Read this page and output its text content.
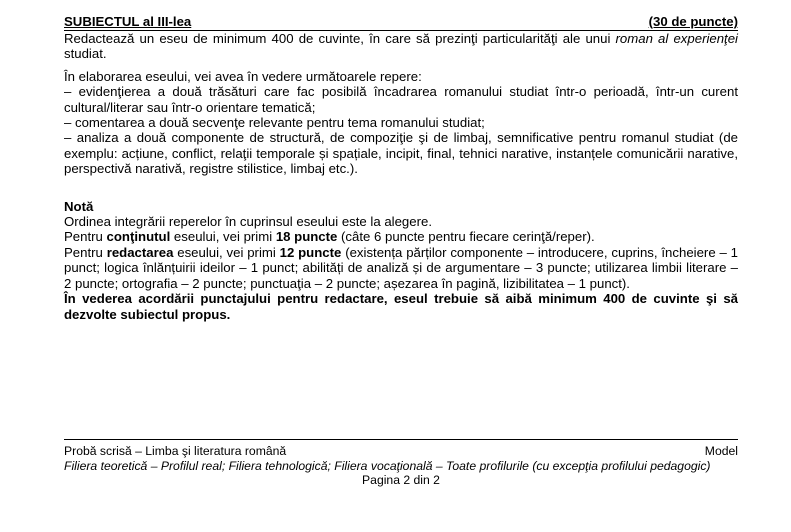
SUBIECTUL al III-lea	(30 de puncte)

Redactează un eseu de minimum 400 de cuvinte, în care să prezinţi particularităţi ale unui roman al experienţei studiat.

În elaborarea eseului, vei avea în vedere următoarele repere:

– evidenţierea a două trăsături care fac posibilă încadrarea romanului studiat într-o perioadă, într-un curent cultural/literar sau într-o orientare tematică;

– comentarea a două secvenţe relevante pentru tema romanului studiat;

– analiza a două componente de structură, de compoziţie şi de limbaj, semnificative pentru romanul studiat (de exemplu: acțiune, conflict, relaţii temporale și spațiale, incipit, final, tehnici narative, instanțele comunicării narative, perspectivă narativă, registre stilistice, limbaj etc.).

Notă

Ordinea integrării reperelor în cuprinsul eseului este la alegere.

Pentru conţinutul eseului, vei primi 18 puncte (câte 6 puncte pentru fiecare cerinţă/reper).

Pentru redactarea eseului, vei primi 12 puncte (existența părților componente – introducere, cuprins, încheiere – 1 punct; logica înlănțuirii ideilor – 1 punct; abilități de analiză și de argumentare – 3 puncte; utilizarea limbii literare – 2 puncte; ortografia – 2 puncte; punctuaţia – 2 puncte; așezarea în pagină, lizibilitatea – 1 punct).

În vederea acordării punctajului pentru redactare, eseul trebuie să aibă minimum 400 de cuvinte şi să dezvolte subiectul propus.

Probă scrisă – Limba şi literatura română	Model
Filiera teoretică – Profilul real; Filiera tehnologică; Filiera vocaţională – Toate profilurile (cu excepţia profilului pedagogic)
Pagina 2 din 2
